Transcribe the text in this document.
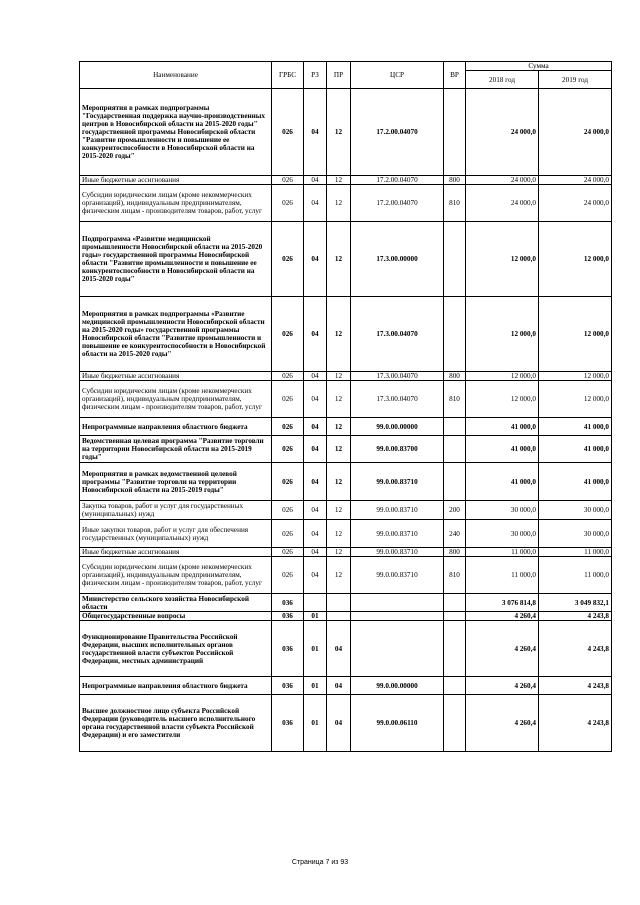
Наименование	ГРБС	РЗ	ПР	ЦСР	ВР	Сумма	
						2018 год	2019 год
Мероприятия в рамках подпрограммы "Государственная поддержка научно-производственных центров в Новосибирской области на 2015-2020 годы" государственной программы Новосибирской области "Развитие промышленности и повышение ее конкурентоспособности в Новосибирской области на 2015-2020 годы"	026	04	12	17.2.00.04070		24 000,0	24 000,0
Иные бюджетные ассигнования	026	04	12	17.2.00.04070	800	24 000,0	24 000,0
Субсидии юридическим лицам (кроме некоммерческих организаций), индивидуальным предпринимателям, физическим лицам - производителям товаров, работ, услуг	026	04	12	17.2.00.04070	810	24 000,0	24 000,0
Подпрограмма «Развитие медицинской промышленности Новосибирской области на 2015-2020 годы» государственной программы Новосибирской области "Развитие промышленности и повышение ее конкурентоспособности в Новосибирской области на 2015-2020 годы"	026	04	12	17.3.00.00000		12 000,0	12 000,0
Мероприятия в рамках подпрограммы «Развитие медицинской промышленности Новосибирской области на 2015-2020 годы» государственной программы Новосибирской области "Развитие промышленности и повышение ее конкурентоспособности в Новосибирской области на 2015-2020 годы"	026	04	12	17.3.00.04070		12 000,0	12 000,0
Иные бюджетные ассигнования	026	04	12	17.3.00.04070	800	12 000,0	12 000,0
Субсидии юридическим лицам (кроме некоммерческих организаций), индивидуальным предпринимателям, физическим лицам - производителям товаров, работ, услуг	026	04	12	17.3.00.04070	810	12 000,0	12 000,0
Непрограммные направления областного бюджета	026	04	12	99.0.00.00000		41 000,0	41 000,0
Ведомственная целевая программа "Развитие торговли на территории Новосибирской области на 2015-2019 годы"	026	04	12	99.0.00.83700		41 000,0	41 000,0
Мероприятия в рамках ведомственной целевой программы "Развитие торговли на территории Новосибирской области на 2015-2019 годы"	026	04	12	99.0.00.83710		41 000,0	41 000,0
Закупка товаров, работ и услуг для государственных (муниципальных) нужд	026	04	12	99.0.00.83710	200	30 000,0	30 000,0
Иные закупки товаров, работ и услуг для обеспечения государственных (муниципальных) нужд	026	04	12	99.0.00.83710	240	30 000,0	30 000,0
Иные бюджетные ассигнования	026	04	12	99.0.00.83710	800	11 000,0	11 000,0
Субсидии юридическим лицам (кроме некоммерческих организаций), индивидуальным предпринимателям, физическим лицам - производителям товаров, работ, услуг	026	04	12	99.0.00.83710	810	11 000,0	11 000,0
Министерство сельского хозяйства Новосибирской области	036					3 076 814,8	3 049 832,1
Общегосударственные вопросы	036	01				4 260,4	4 243,8
Функционирование Правительства Российской Федерации, высших исполнительных органов государственной власти субъектов Российской Федерации, местных администраций	036	01	04			4 260,4	4 243,8
Непрограммные направления областного бюджета	036	01	04	99.0.00.00000		4 260,4	4 243,8
Высшее должностное лицо субъекта Российской Федерации (руководитель высшего исполнительного органа государственной власти субъекта Российской Федерации) и его заместители	036	01	04	99.0.00.06110		4 260,4	4 243,8
Страница 7 из 93
